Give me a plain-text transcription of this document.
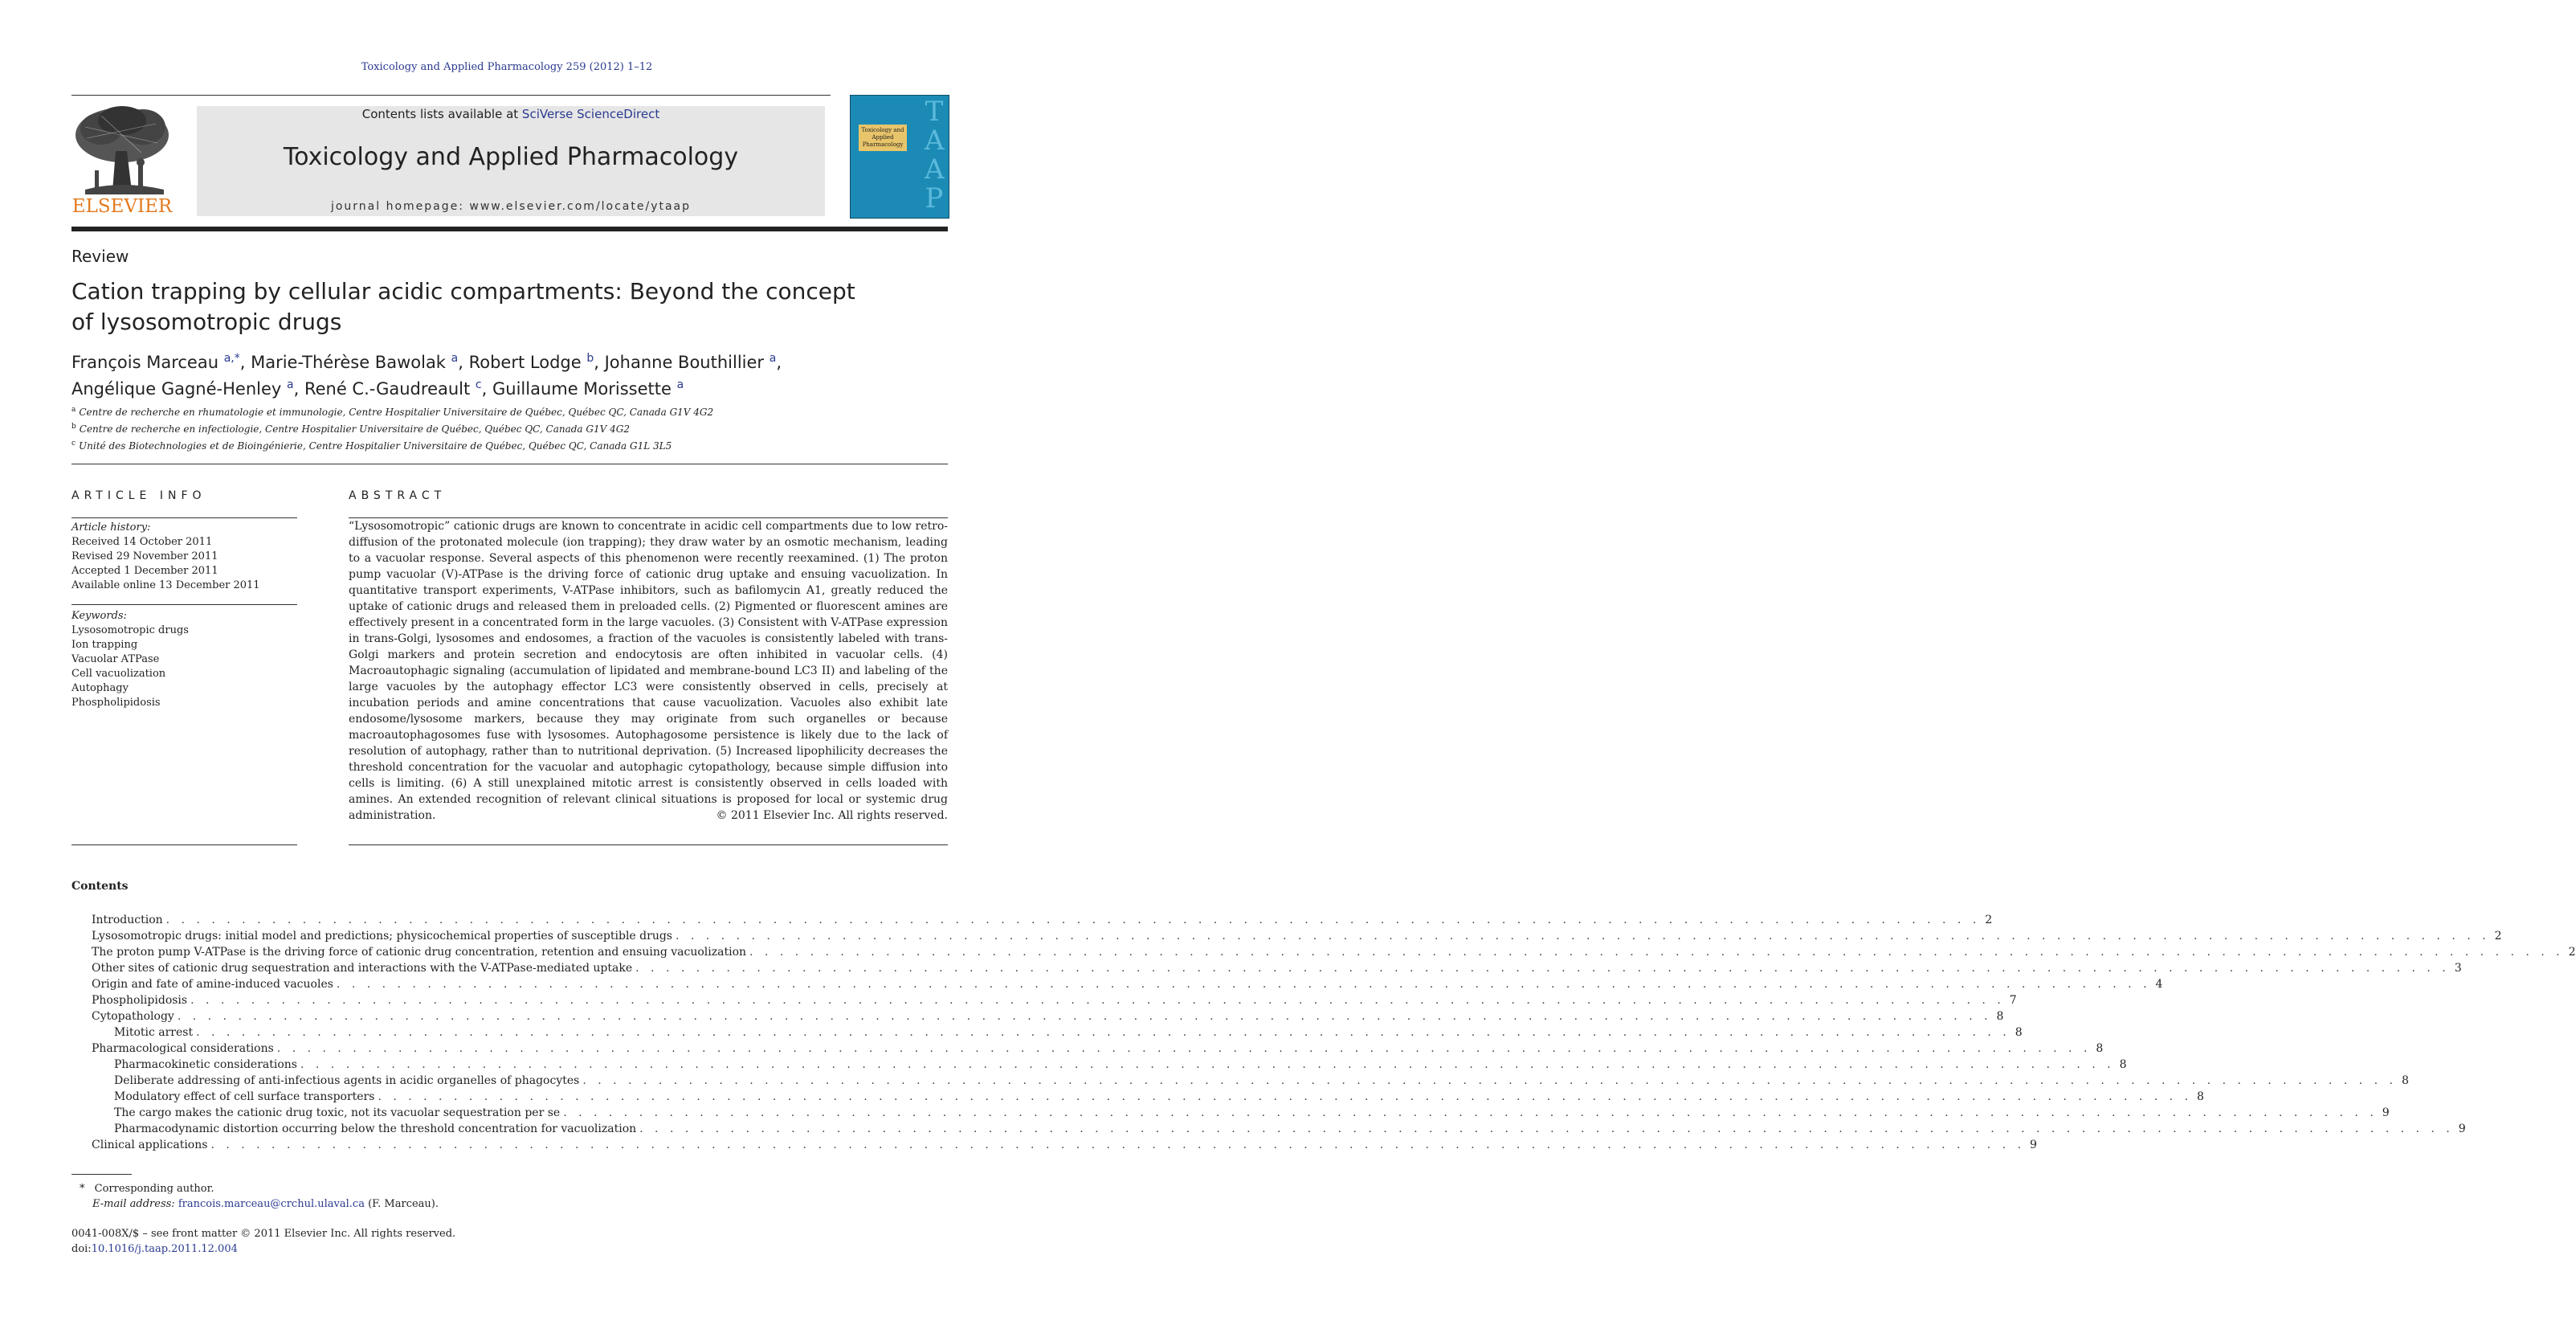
Toxicology and Applied Pharmacology 259 (2012) 1–12
ELSEVIER
Contents lists available at SciVerse ScienceDirect
Toxicology and Applied Pharmacology
journal homepage: www.elsevier.com/locate/ytaap
TAAP
Toxicology and Applied Pharmacology
Review
Cation trapping by cellular acidic compartments: Beyond the concept of lysosomotropic drugs
François Marceau $^{a,*}$, Marie-Thérèse Bawolak $^a$, Robert Lodge $^b$, Johanne Bouthillier $^a$,
Angélique Gagné-Henley $^a$, René C.-Gaudreault $^c$, Guillaume Morissette $^a$
$^a$ Centre de recherche en rhumatologie et immunologie, Centre Hospitalier Universitaire de Québec, Québec QC, Canada G1V 4G2
$^b$ Centre de recherche en infectiologie, Centre Hospitalier Universitaire de Québec, Québec QC, Canada G1V 4G2
$^c$ Unité des Biotechnologies et de Bioingénierie, Centre Hospitalier Universitaire de Québec, Québec QC, Canada G1L 3L5
ARTICLE INFO
Article history:
Received 14 October 2011
Revised 29 November 2011
Accepted 1 December 2011
Available online 13 December 2011
Keywords:
Lysosomotropic drugs
Ion trapping
Vacuolar ATPase
Cell vacuolization
Autophagy
Phospholipidosis
ABSTRACT
“Lysosomotropic” cationic drugs are known to concentrate in acidic cell compartments due to low retro-diffusion of the protonated molecule (ion trapping); they draw water by an osmotic mechanism, leading to a vacuolar response. Several aspects of this phenomenon were recently reexamined. (1) The proton pump vacuolar (V)-ATPase is the driving force of cationic drug uptake and ensuing vacuolization. In quantitative transport experiments, V-ATPase inhibitors, such as bafilomycin A1, greatly reduced the uptake of cationic drugs and released them in preloaded cells. (2) Pigmented or fluorescent amines are effectively present in a concentrated form in the large vacuoles. (3) Consistent with V-ATPase expression in trans-Golgi, lysosomes and endosomes, a fraction of the vacuoles is consistently labeled with trans-Golgi markers and protein secretion and endocytosis are often inhibited in vacuolar cells. (4) Macroautophagic signaling (accumulation of lipidated and membrane-bound LC3 II) and labeling of the large vacuoles by the autophagy effector LC3 were consistently observed in cells, precisely at incubation periods and amine concentrations that cause vacuolization. Vacuoles also exhibit late endosome/lysosome markers, because they may originate from such organelles or because macroautophagosomes fuse with lysosomes. Autophagosome persistence is likely due to the lack of resolution of autophagy, rather than to nutritional deprivation. (5) Increased lipophilicity decreases the threshold concentration for the vacuolar and autophagic cytopathology, because simple diffusion into cells is limiting. (6) A still unexplained mitotic arrest is consistently observed in cells loaded with amines. An extended recognition of relevant clinical situations is proposed for local or systemic drug administration.	© 2011 Elsevier Inc. All rights reserved.
Contents
Introduction . . . . . . . . . . . . . . . . . . . . . . . . . . . . . . . . . . . . . . . . . . . . . . . . . . . . . . . . . . . . . . . . . . . . . . . . . . . . . . . . . . . . . . . . . . . . . . . . . . . . . . . . . . . . . . . . . . . . . . . . 2
Lysosomotropic drugs: initial model and predictions; physicochemical properties of susceptible drugs . . . . . . . . . . . . . . . . . . . . . . . . . . . . . . . . . . . . . . . . . . . . . . . . . . . . . . . . . . . . . . . . . . . . . . . . . . . . . . . . . . . . . . . . . . . . . . . . . . . . . . . . . . . . . . . . . . . . . . . . 2
The proton pump V-ATPase is the driving force of cationic drug concentration, retention and ensuing vacuolization . . . . . . . . . . . . . . . . . . . . . . . . . . . . . . . . . . . . . . . . . . . . . . . . . . . . . . . . . . . . . . . . . . . . . . . . . . . . . . . . . . . . . . . . . . . . . . . . . . . . . . . . . . . . . . . . . . . . . . . . 2
Other sites of cationic drug sequestration and interactions with the V-ATPase-mediated uptake . . . . . . . . . . . . . . . . . . . . . . . . . . . . . . . . . . . . . . . . . . . . . . . . . . . . . . . . . . . . . . . . . . . . . . . . . . . . . . . . . . . . . . . . . . . . . . . . . . . . . . . . . . . . . . . . . . . . . . . . 3
Origin and fate of amine-induced vacuoles . . . . . . . . . . . . . . . . . . . . . . . . . . . . . . . . . . . . . . . . . . . . . . . . . . . . . . . . . . . . . . . . . . . . . . . . . . . . . . . . . . . . . . . . . . . . . . . . . . . . . . . . . . . . . . . . . . . . . . . . 4
Phospholipidosis . . . . . . . . . . . . . . . . . . . . . . . . . . . . . . . . . . . . . . . . . . . . . . . . . . . . . . . . . . . . . . . . . . . . . . . . . . . . . . . . . . . . . . . . . . . . . . . . . . . . . . . . . . . . . . . . . . . . . . . . 7
Cytopathology . . . . . . . . . . . . . . . . . . . . . . . . . . . . . . . . . . . . . . . . . . . . . . . . . . . . . . . . . . . . . . . . . . . . . . . . . . . . . . . . . . . . . . . . . . . . . . . . . . . . . . . . . . . . . . . . . . . . . . . . 8
Mitotic arrest . . . . . . . . . . . . . . . . . . . . . . . . . . . . . . . . . . . . . . . . . . . . . . . . . . . . . . . . . . . . . . . . . . . . . . . . . . . . . . . . . . . . . . . . . . . . . . . . . . . . . . . . . . . . . . . . . . . . . . . . 8
Pharmacological considerations . . . . . . . . . . . . . . . . . . . . . . . . . . . . . . . . . . . . . . . . . . . . . . . . . . . . . . . . . . . . . . . . . . . . . . . . . . . . . . . . . . . . . . . . . . . . . . . . . . . . . . . . . . . . . . . . . . . . . . . . 8
Pharmacokinetic considerations . . . . . . . . . . . . . . . . . . . . . . . . . . . . . . . . . . . . . . . . . . . . . . . . . . . . . . . . . . . . . . . . . . . . . . . . . . . . . . . . . . . . . . . . . . . . . . . . . . . . . . . . . . . . . . . . . . . . . . . . 8
Deliberate addressing of anti-infectious agents in acidic organelles of phagocytes . . . . . . . . . . . . . . . . . . . . . . . . . . . . . . . . . . . . . . . . . . . . . . . . . . . . . . . . . . . . . . . . . . . . . . . . . . . . . . . . . . . . . . . . . . . . . . . . . . . . . . . . . . . . . . . . . . . . . . . . 8
Modulatory effect of cell surface transporters . . . . . . . . . . . . . . . . . . . . . . . . . . . . . . . . . . . . . . . . . . . . . . . . . . . . . . . . . . . . . . . . . . . . . . . . . . . . . . . . . . . . . . . . . . . . . . . . . . . . . . . . . . . . . . . . . . . . . . . . 8
The cargo makes the cationic drug toxic, not its vacuolar sequestration per se . . . . . . . . . . . . . . . . . . . . . . . . . . . . . . . . . . . . . . . . . . . . . . . . . . . . . . . . . . . . . . . . . . . . . . . . . . . . . . . . . . . . . . . . . . . . . . . . . . . . . . . . . . . . . . . . . . . . . . . . 9
Pharmacodynamic distortion occurring below the threshold concentration for vacuolization . . . . . . . . . . . . . . . . . . . . . . . . . . . . . . . . . . . . . . . . . . . . . . . . . . . . . . . . . . . . . . . . . . . . . . . . . . . . . . . . . . . . . . . . . . . . . . . . . . . . . . . . . . . . . . . . . . . . . . . . 9
Clinical applications . . . . . . . . . . . . . . . . . . . . . . . . . . . . . . . . . . . . . . . . . . . . . . . . . . . . . . . . . . . . . . . . . . . . . . . . . . . . . . . . . . . . . . . . . . . . . . . . . . . . . . . . . . . . . . . . . . . . . . . . 9
* Corresponding author.
E-mail address: francois.marceau@crchul.ulaval.ca (F. Marceau).
0041-008X/$ – see front matter © 2011 Elsevier Inc. All rights reserved.
doi:10.1016/j.taap.2011.12.004
